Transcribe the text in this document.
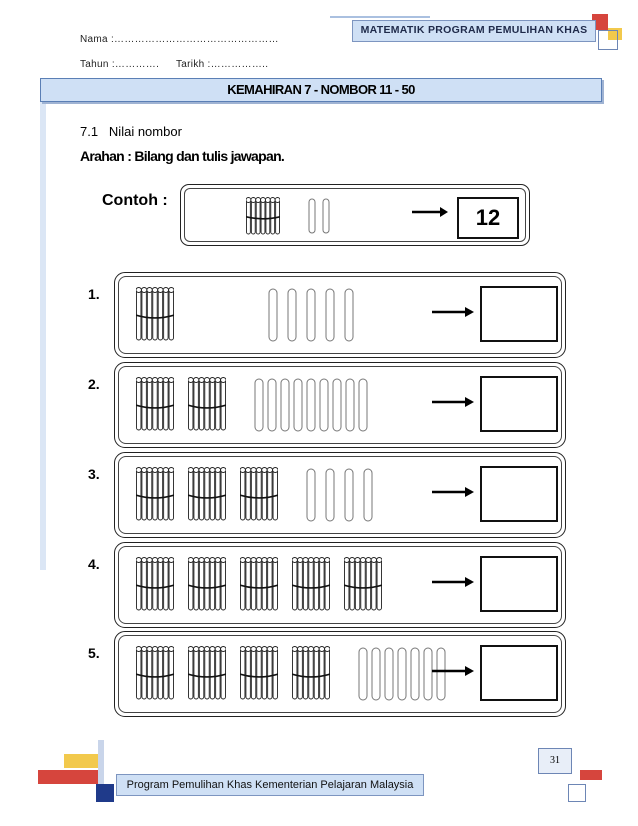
MATEMATIK PROGRAM PEMULIHAN KHAS
Nama :…………………………………………
Tahun :…………. Tarikh :……………..
KEMAHIRAN 7 - NOMBOR 11 - 50
7.1 Nilai nombor
Arahan : Bilang dan tulis jawapan.
Contoh :
12
1.
2.
3.
4.
5.
Program Pemulihan Khas Kementerian Pelajaran Malaysia
31
